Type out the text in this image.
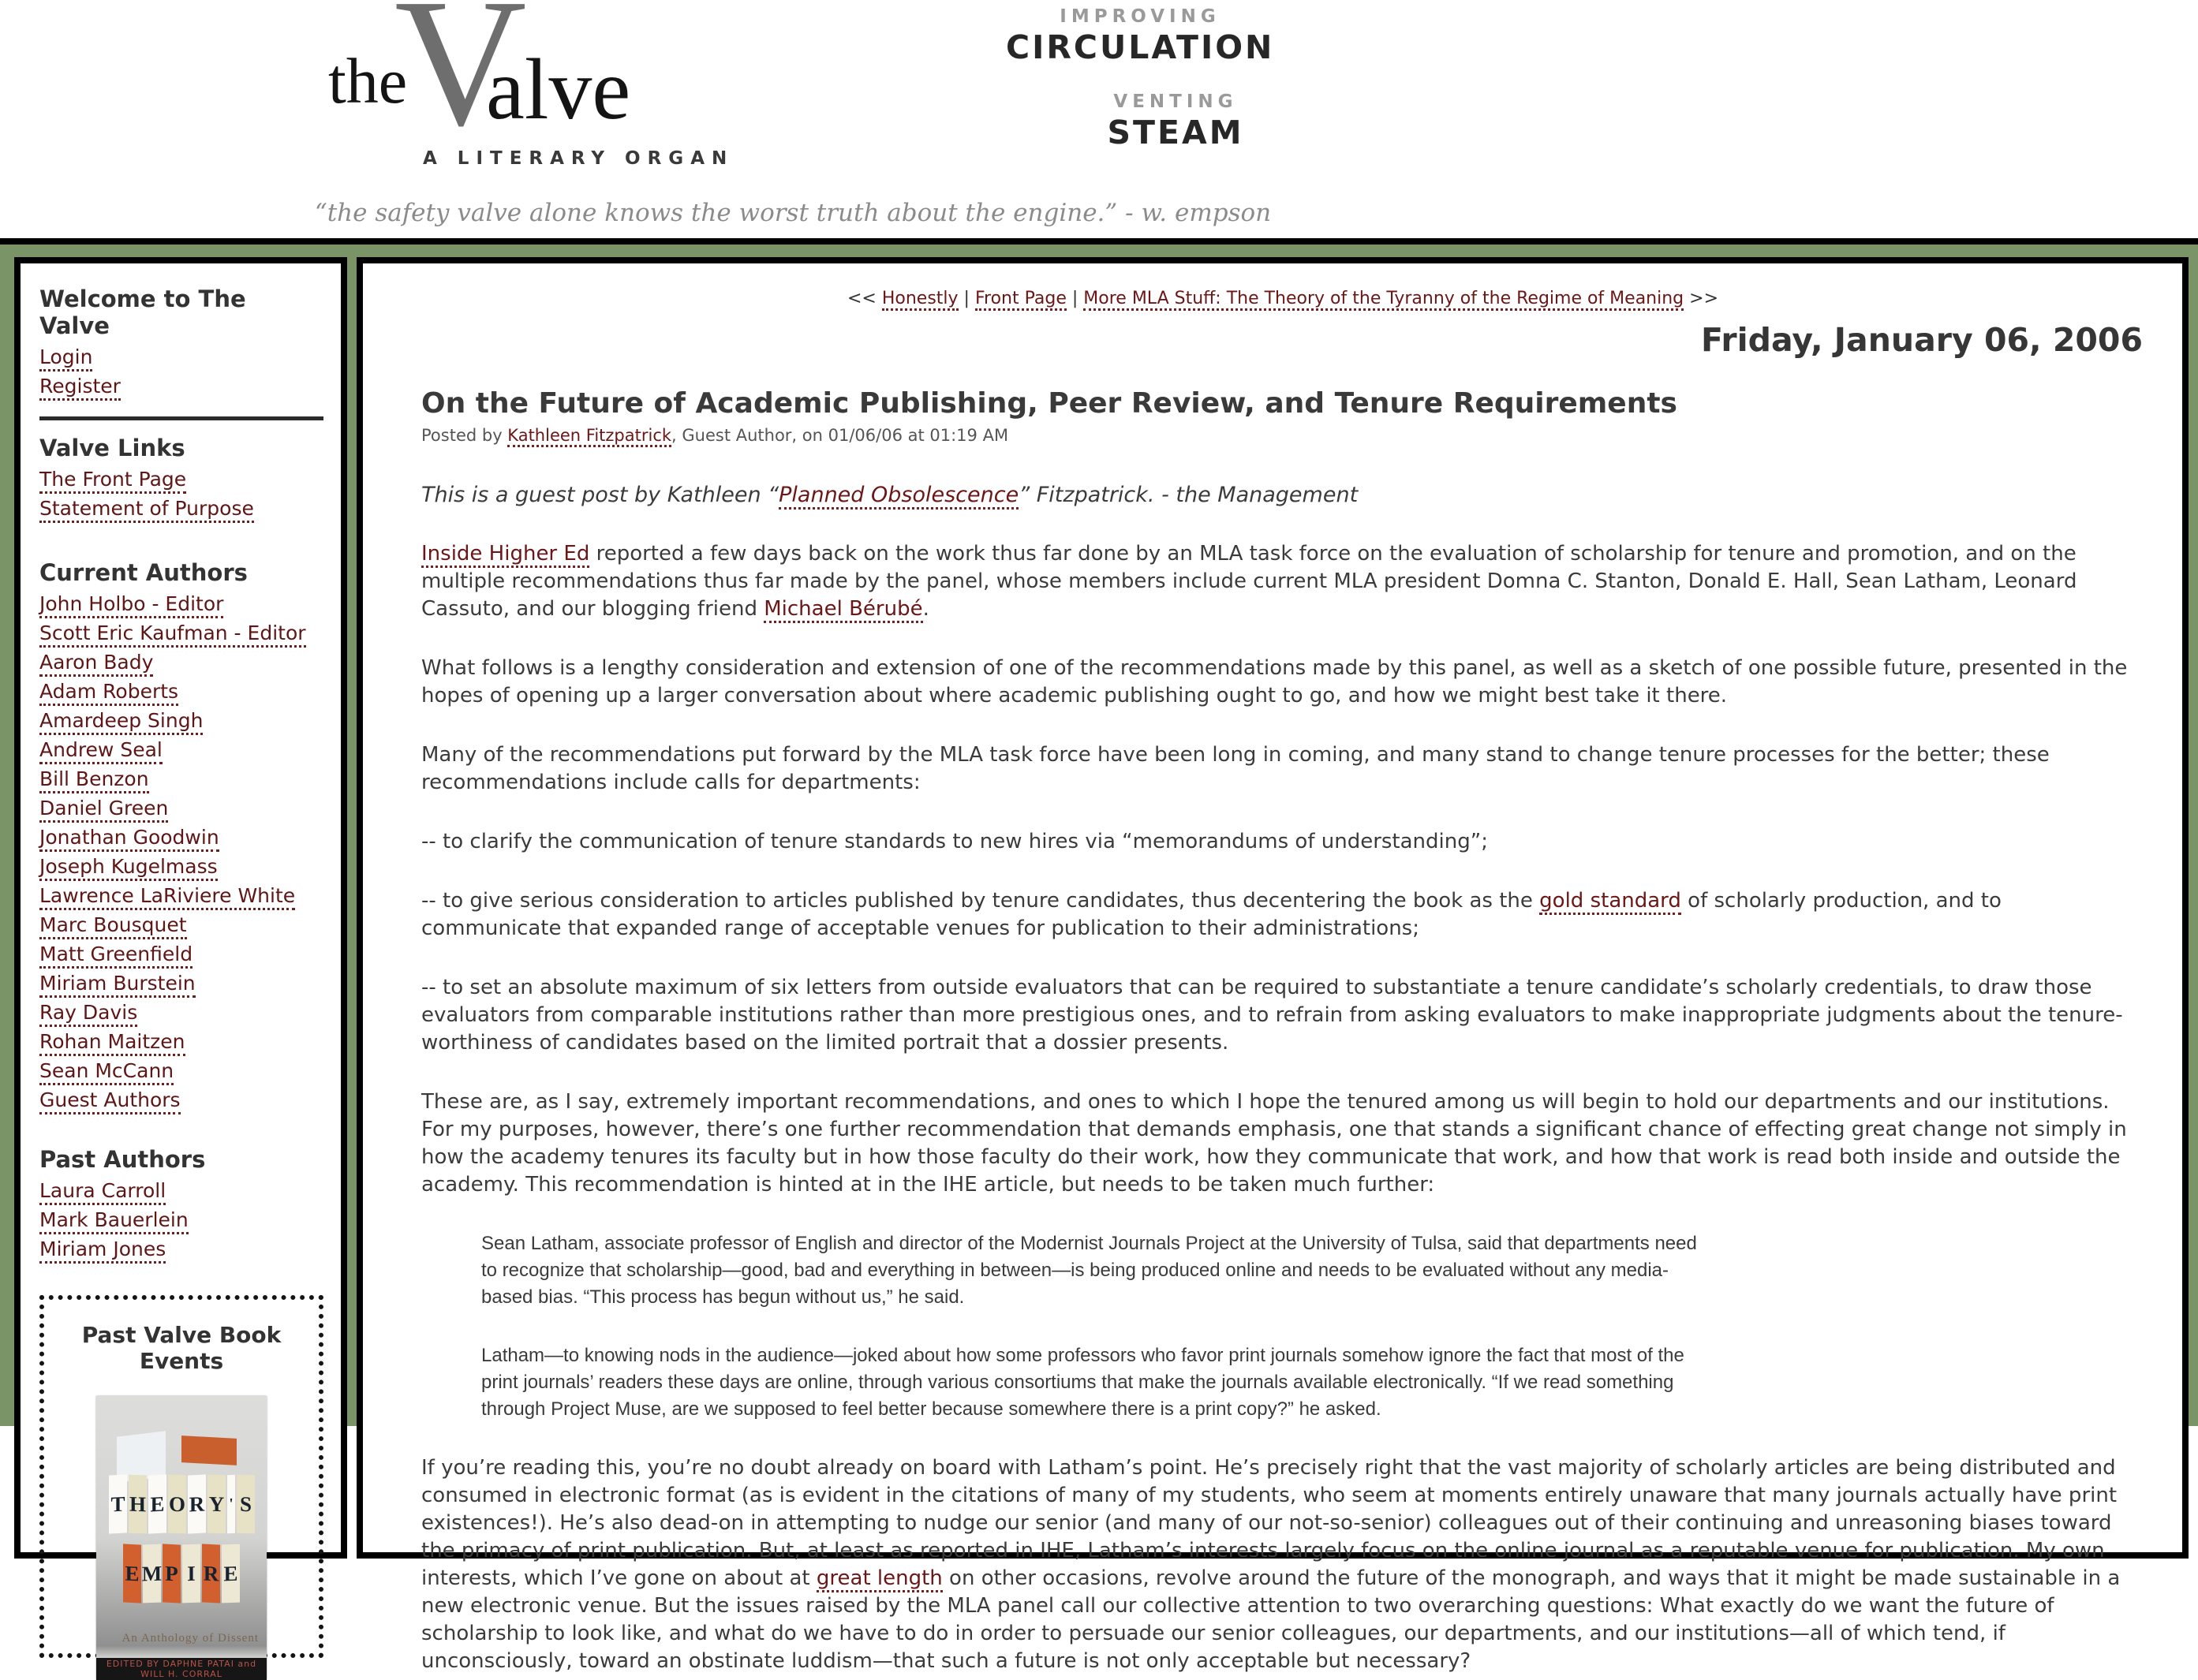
the
V
alve
A LITERARY ORGAN
IMPROVING
CIRCULATION
VENTING
STEAM
“the safety valve alone knows the worst truth about the engine.” - w. empson
Welcome to The Valve
Login
Register
Valve Links
The Front Page
Statement of Purpose
Current Authors
John Holbo - Editor
Scott Eric Kaufman - Editor
Aaron Bady
Adam Roberts
Amardeep Singh
Andrew Seal
Bill Benzon
Daniel Green
Jonathan Goodwin
Joseph Kugelmass
Lawrence LaRiviere White
Marc Bousquet
Matt Greenfield
Miriam Burstein
Ray Davis
Rohan Maitzen
Sean McCann
Guest Authors
Past Authors
Laura Carroll
Mark Bauerlein
Miriam Jones
Past Valve Book Events
T H E O R Y ' S
E M P I R E
An Anthology of Dissent
EDITED BY DAPHNE PATAI and WILL H. CORRAL
<< Honestly | Front Page | More MLA Stuff: The Theory of the Tyranny of the Regime of Meaning >>
Friday, January 06, 2006
On the Future of Academic Publishing, Peer Review, and Tenure Requirements
Posted by Kathleen Fitzpatrick, Guest Author, on 01/06/06 at 01:19 AM

This is a guest post by Kathleen “Planned Obsolescence” Fitzpatrick. - the Management

Inside Higher Ed reported a few days back on the work thus far done by an MLA task force on the evaluation of scholarship for tenure and promotion, and on the multiple recommendations thus far made by the panel, whose members include current MLA president Domna C. Stanton, Donald E. Hall, Sean Latham, Leonard Cassuto, and our blogging friend Michael Bérubé.

What follows is a lengthy consideration and extension of one of the recommendations made by this panel, as well as a sketch of one possible future, presented in the hopes of opening up a larger conversation about where academic publishing ought to go, and how we might best take it there.

Many of the recommendations put forward by the MLA task force have been long in coming, and many stand to change tenure processes for the better; these recommendations include calls for departments:

-- to clarify the communication of tenure standards to new hires via “memorandums of understanding”;

-- to give serious consideration to articles published by tenure candidates, thus decentering the book as the gold standard of scholarly production, and to communicate that expanded range of acceptable venues for publication to their administrations;

-- to set an absolute maximum of six letters from outside evaluators that can be required to substantiate a tenure candidate’s scholarly credentials, to draw those evaluators from comparable institutions rather than more prestigious ones, and to refrain from asking evaluators to make inappropriate judgments about the tenure-worthiness of candidates based on the limited portrait that a dossier presents.

These are, as I say, extremely important recommendations, and ones to which I hope the tenured among us will begin to hold our departments and our institutions. For my purposes, however, there’s one further recommendation that demands emphasis, one that stands a significant chance of effecting great change not simply in how the academy tenures its faculty but in how those faculty do their work, how they communicate that work, and how that work is read both inside and outside the academy. This recommendation is hinted at in the IHE article, but needs to be taken much further:

Sean Latham, associate professor of English and director of the Modernist Journals Project at the University of Tulsa, said that departments need to recognize that scholarship—good, bad and everything in between—is being produced online and needs to be evaluated without any media-based bias. “This process has begun without us,” he said.
Latham—to knowing nods in the audience—joked about how some professors who favor print journals somehow ignore the fact that most of the print journals’ readers these days are online, through various consortiums that make the journals available electronically. “If we read something through Project Muse, are we supposed to feel better because somewhere there is a print copy?” he asked.

If you’re reading this, you’re no doubt already on board with Latham’s point. He’s precisely right that the vast majority of scholarly articles are being distributed and consumed in electronic format (as is evident in the citations of many of my students, who seem at moments entirely unaware that many journals actually have print existences!). He’s also dead-on in attempting to nudge our senior (and many of our not-so-senior) colleagues out of their continuing and unreasoning biases toward the primacy of print publication. But, at least as reported in IHE, Latham’s interests largely focus on the online journal as a reputable venue for publication. My own interests, which I’ve gone on about at great length on other occasions, revolve around the future of the monograph, and ways that it might be made sustainable in a new electronic venue. But the issues raised by the MLA panel call our collective attention to two overarching questions: What exactly do we want the future of scholarship to look like, and what do we have to do in order to persuade our senior colleagues, our departments, and our institutions—all of which tend, if unconsciously, toward an obstinate luddism—that such a future is not only acceptable but necessary?
